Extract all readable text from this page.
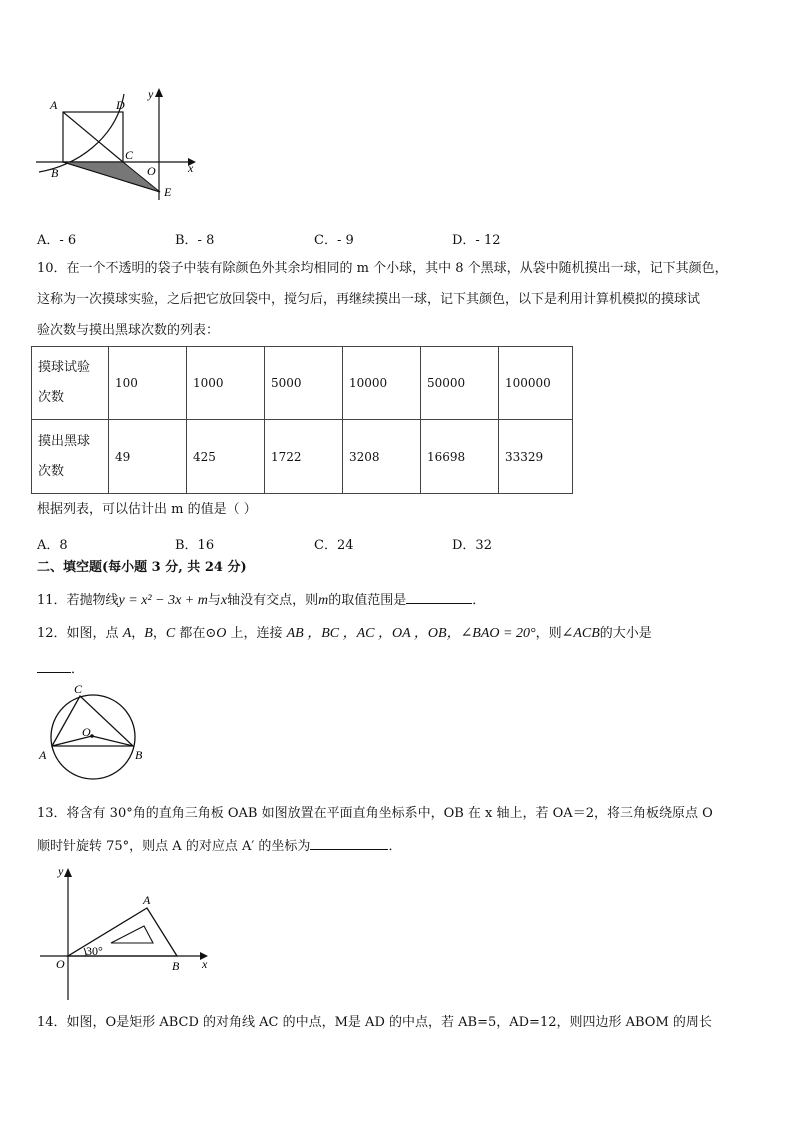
A	D
y
C
O	x
B
E
A．- 6	B．- 8	C．- 9	D．- 12
10．在一个不透明的袋子中装有除颜色外其余均相同的 m 个小球，其中 8 个黑球，从袋中随机摸出一球，记下其颜色，
这称为一次摸球实验，之后把它放回袋中，搅匀后，再继续摸出一球，记下其颜色，以下是利用计算机模拟的摸球试
验次数与摸出黑球次数的列表：
摸球试验
次数	100	1000	5000	10000	50000	100000

摸出黑球
次数	49	425	1722	3208	16698	33329
根据列表，可以估计出 m 的值是（ ）
A．8	B．16	C．24	D．32
二、填空题(每小题 3 分, 共 24 分)
11．若抛物线y = x² − 3x + m与x轴没有交点，则m的取值范围是	．
12．如图，点 A，B，C 都在⊙O 上，连接 AB ，BC ，AC ，OA ，OB，∠BAO = 20°，则∠ACB的大小是
．
C
O
A	B
13．将含有 30°角的直角三角板 OAB 如图放置在平面直角坐标系中，OB 在 x 轴上，若 OA＝2，将三角板绕原点 O
顺时针旋转 75°，则点 A 的对应点 A′ 的坐标为	．
y
A
30°
O	B x
14．如图，O是矩形 ABCD 的对角线 AC 的中点，M是 AD 的中点，若 AB=5，AD=12，则四边形 ABOM 的周长
